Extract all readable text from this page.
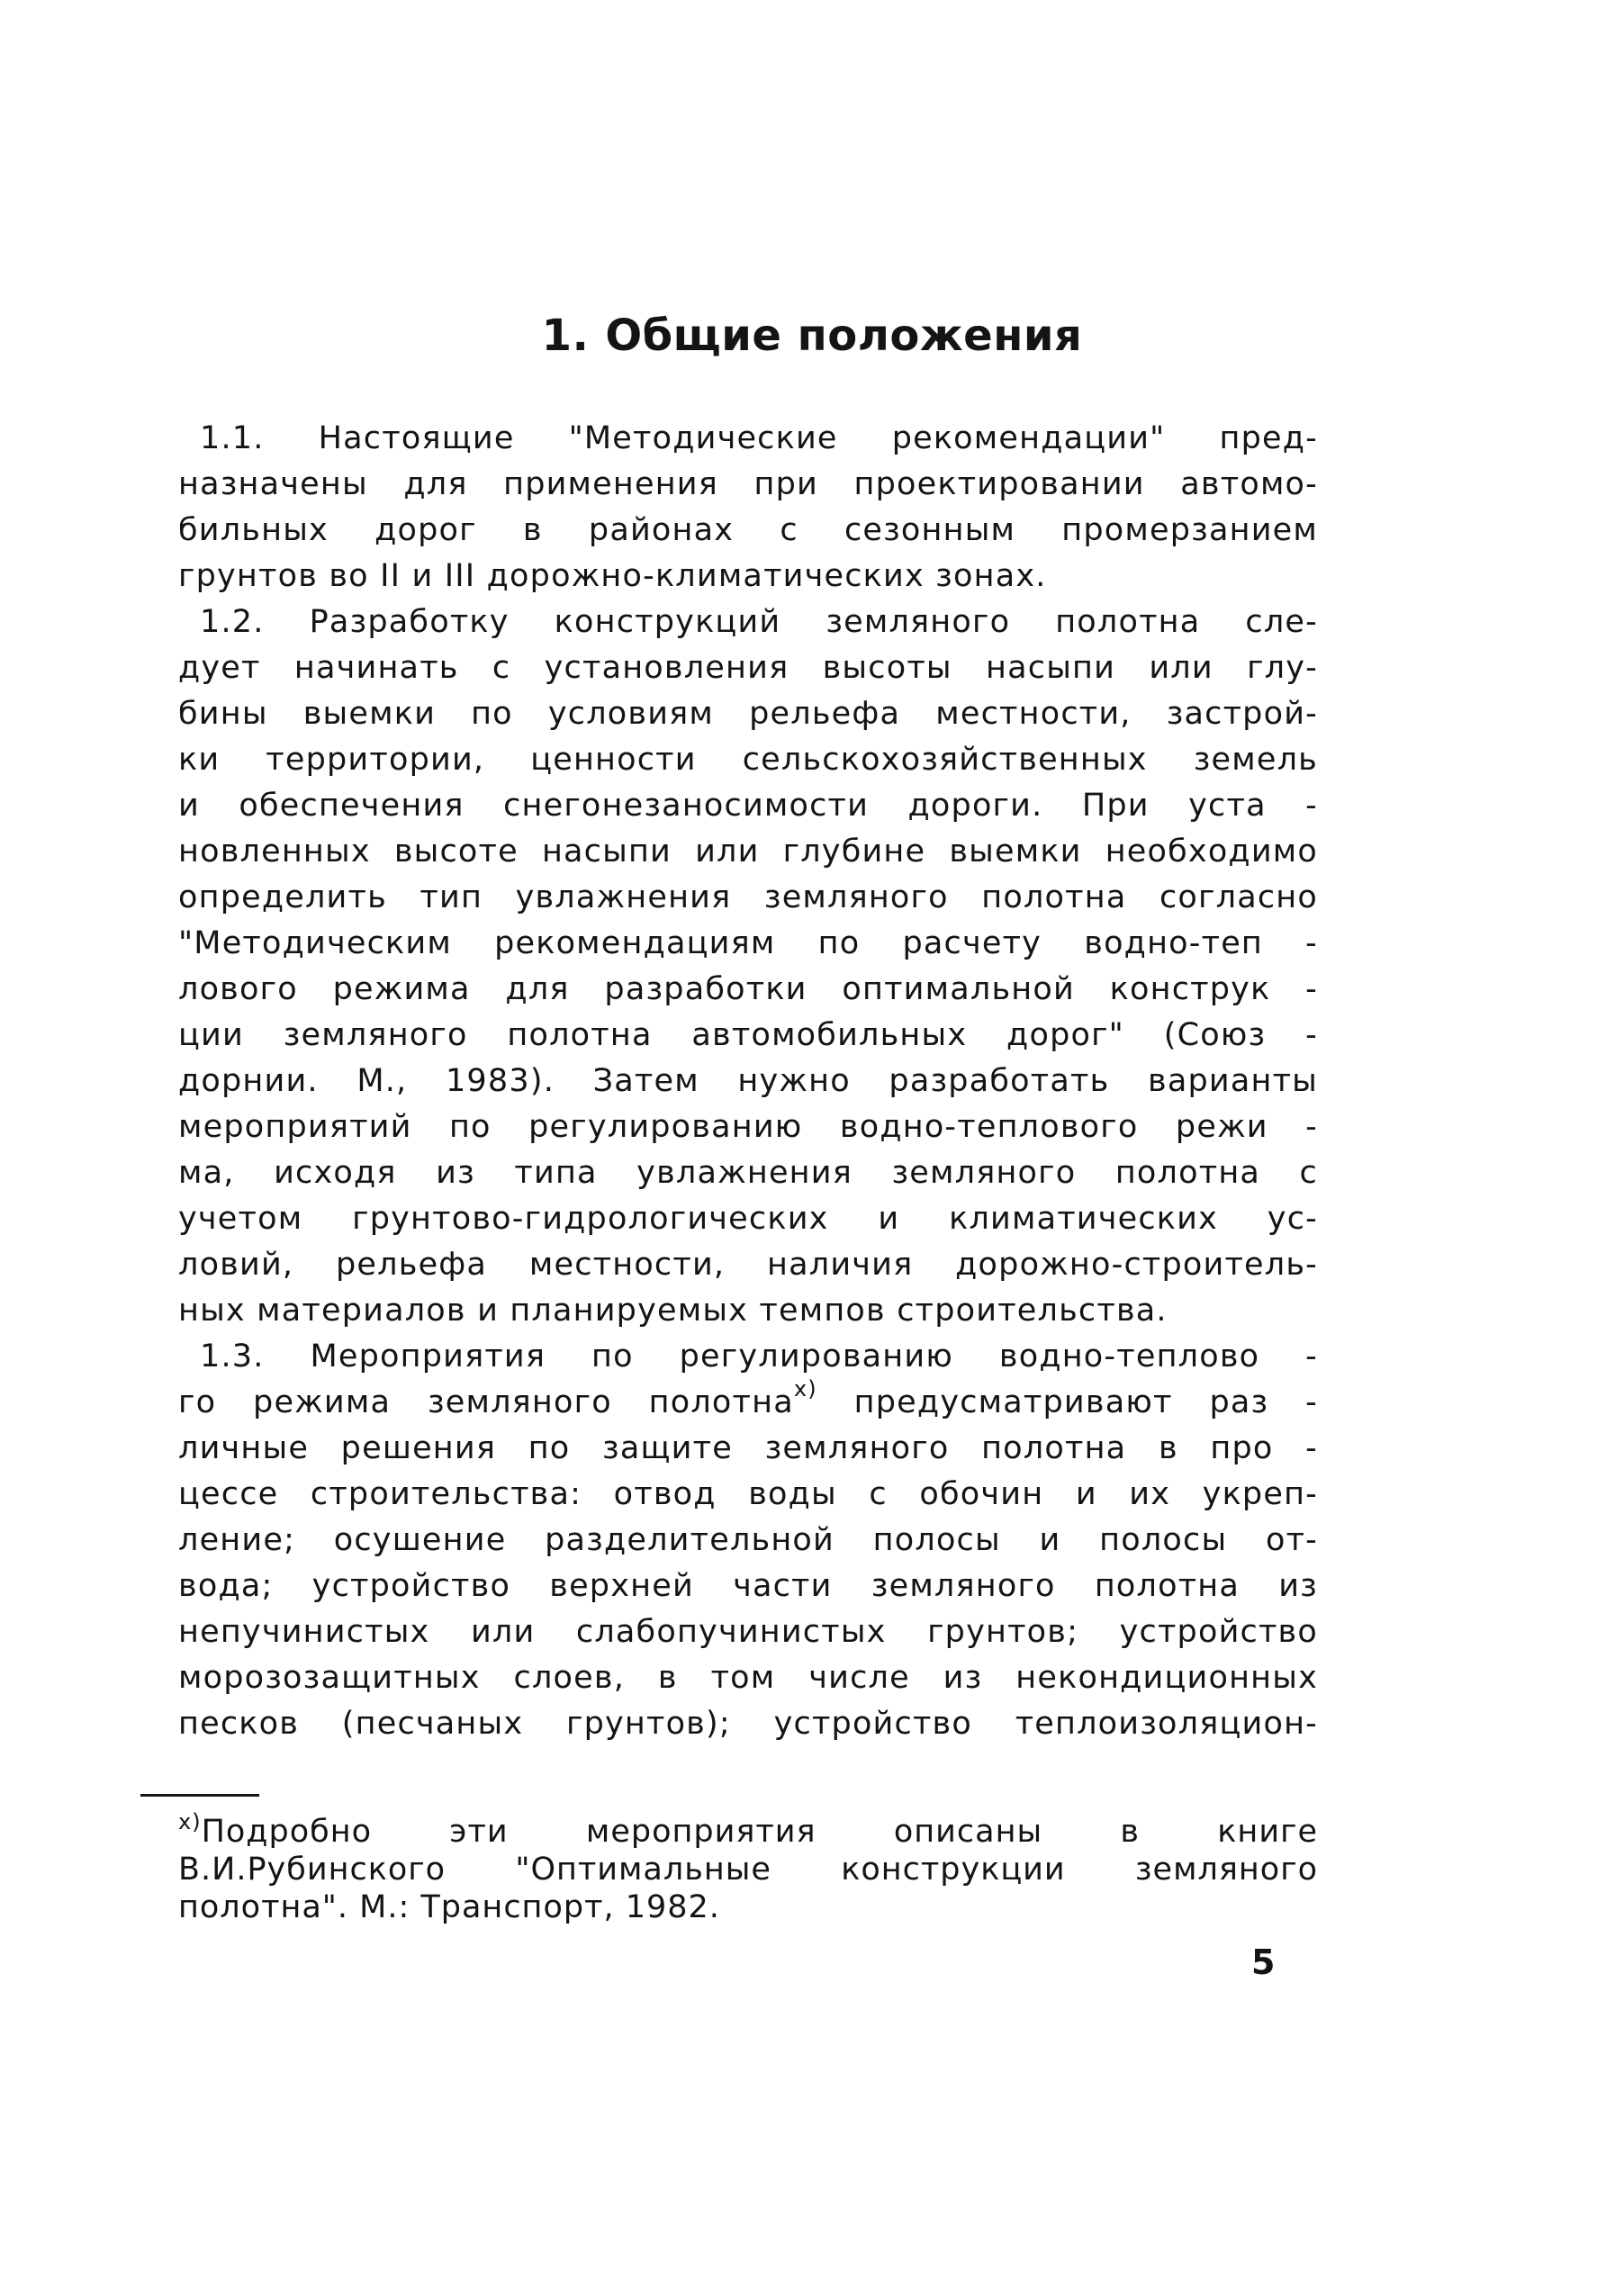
1. Общие положения
1.1. Настоящие "Методические рекомендации" пред-
назначены для применения при проектировании автомо-
бильных дорог в районах с сезонным промерзанием
грунтов во II и III дорожно-климатических зонах.
1.2. Разработку конструкций земляного полотна сле-
дует начинать с установления высоты насыпи или глу-
бины выемки по условиям рельефа местности, застрой-
ки территории, ценности сельскохозяйственных земель
и обеспечения снегонезаносимости дороги. При уста -
новленных высоте насыпи или глубине выемки необходимо
определить тип увлажнения земляного полотна согласно
"Методическим рекомендациям по расчету водно-теп -
лового режима для разработки оптимальной конструк -
ции земляного полотна автомобильных дорог" (Союз -
дорнии. М., 1983). Затем нужно разработать варианты
мероприятий по регулированию водно-теплового режи -
ма, исходя из типа увлажнения земляного полотна с
учетом грунтово-гидрологических и климатических ус-
ловий, рельефа местности, наличия дорожно-строитель-
ных материалов и планируемых темпов строительства.
1.3. Мероприятия по регулированию водно-теплово -
го режима земляного полотна$^{x)}$ предусматривают раз -
личные решения по защите земляного полотна в про -
цессе строительства: отвод воды с обочин и их укреп-
ление; осушение разделительной полосы и полосы от-
вода; устройство верхней части земляного полотна из
непучинистых или слабопучинистых грунтов; устройство
морозозащитных слоев, в том числе из некондиционных
песков (песчаных грунтов); устройство теплоизоляцион-
$^{x)}$Подробно эти мероприятия описаны в книге
В.И.Рубинского "Оптимальные конструкции земляного
полотна". М.: Транспорт, 1982.
5
